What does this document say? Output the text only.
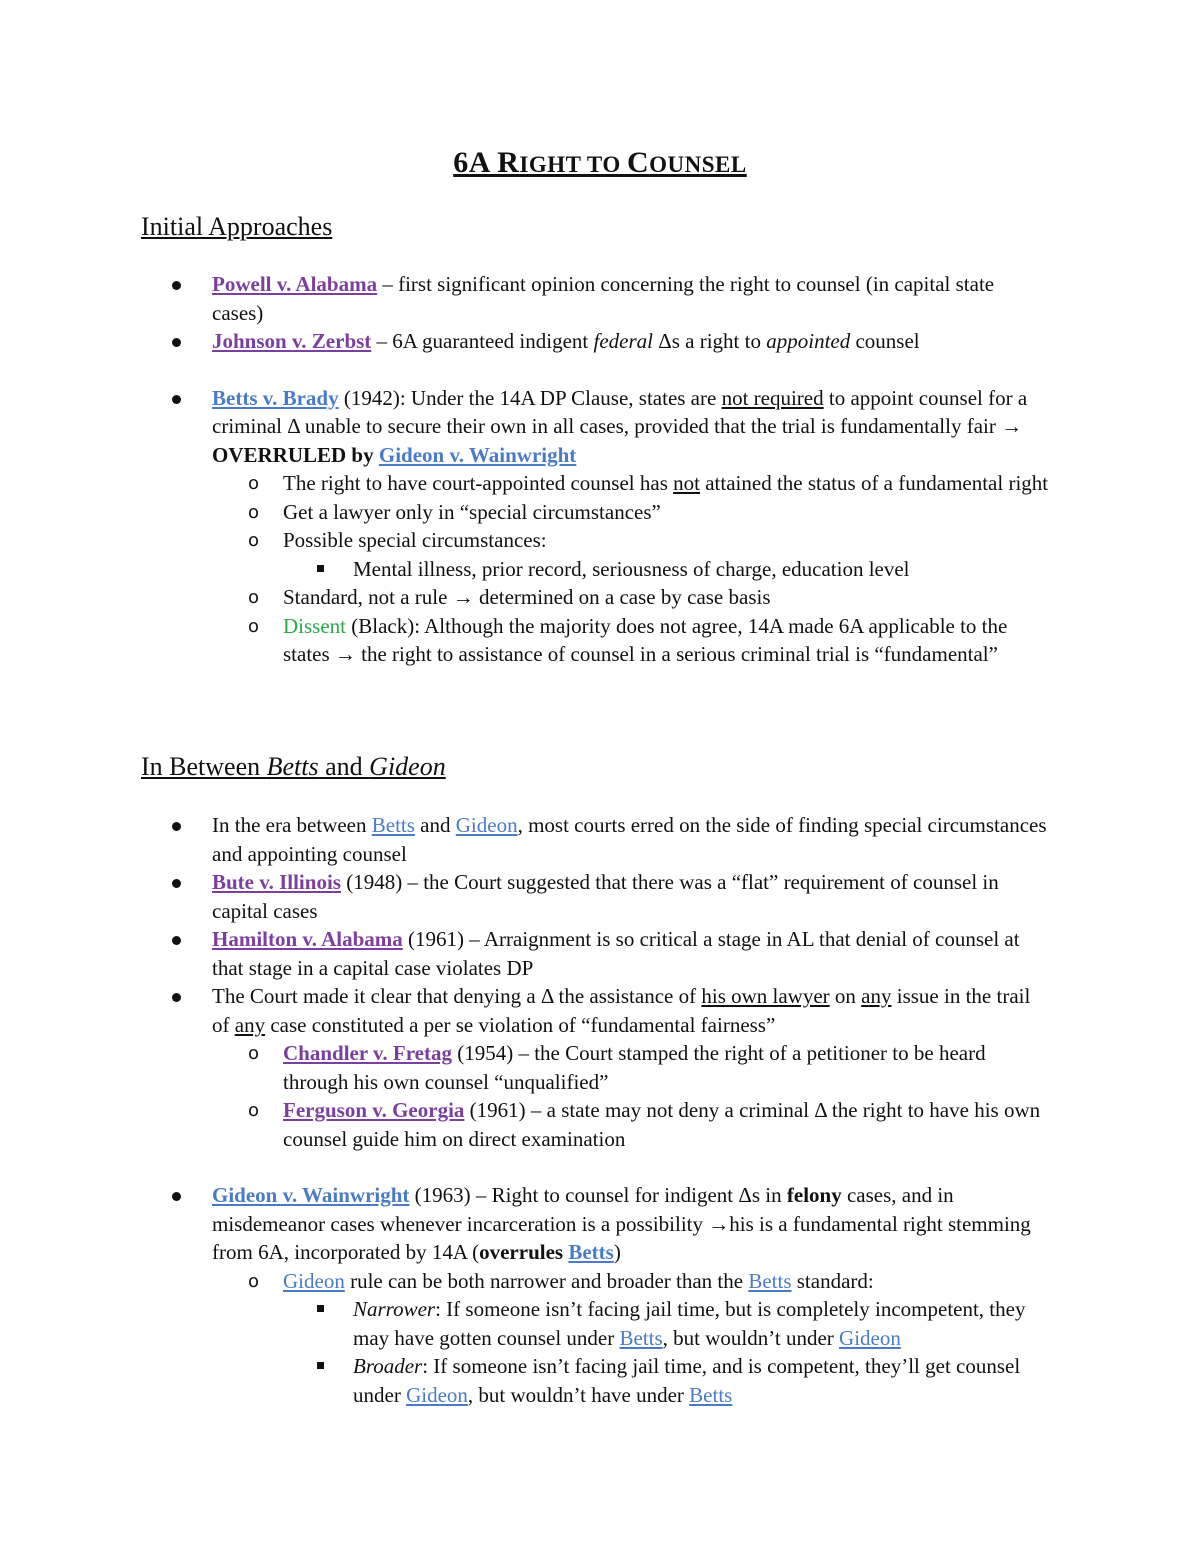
6A RIGHT TO COUNSEL
Initial Approaches

Powell v. Alabama – first significant opinion concerning the right to counsel (in capital state cases)

Johnson v. Zerbst – 6A guaranteed indigent federal Δs a right to appointed counsel

Betts v. Brady (1942): Under the 14A DP Clause, states are not required to appoint counsel for a criminal Δ unable to secure their own in all cases, provided that the trial is fundamentally fair → OVERRULED by Gideon v. Wainwright

o The right to have court-appointed counsel has not attained the status of a fundamental right

o Get a lawyer only in “special circumstances”

o Possible special circumstances:

Mental illness, prior record, seriousness of charge, education level

o Standard, not a rule → determined on a case by case basis

o Dissent (Black): Although the majority does not agree, 14A made 6A applicable to the states → the right to assistance of counsel in a serious criminal trial is “fundamental”

In Between Betts and Gideon

In the era between Betts and Gideon, most courts erred on the side of finding special circumstances and appointing counsel

Bute v. Illinois (1948) – the Court suggested that there was a “flat” requirement of counsel in capital cases

Hamilton v. Alabama (1961) – Arraignment is so critical a stage in AL that denial of counsel at that stage in a capital case violates DP

The Court made it clear that denying a Δ the assistance of his own lawyer on any issue in the trail of any case constituted a per se violation of “fundamental fairness”

o Chandler v. Fretag (1954) – the Court stamped the right of a petitioner to be heard through his own counsel “unqualified”

o Ferguson v. Georgia (1961) – a state may not deny a criminal Δ the right to have his own counsel guide him on direct examination

Gideon v. Wainwright (1963) – Right to counsel for indigent Δs in felony cases, and in misdemeanor cases whenever incarceration is a possibility →his is a fundamental right stemming from 6A, incorporated by 14A (overrules Betts)

o Gideon rule can be both narrower and broader than the Betts standard:

Narrower: If someone isn’t facing jail time, but is completely incompetent, they may have gotten counsel under Betts, but wouldn’t under Gideon

Broader: If someone isn’t facing jail time, and is competent, they’ll get counsel under Gideon, but wouldn’t have under Betts
